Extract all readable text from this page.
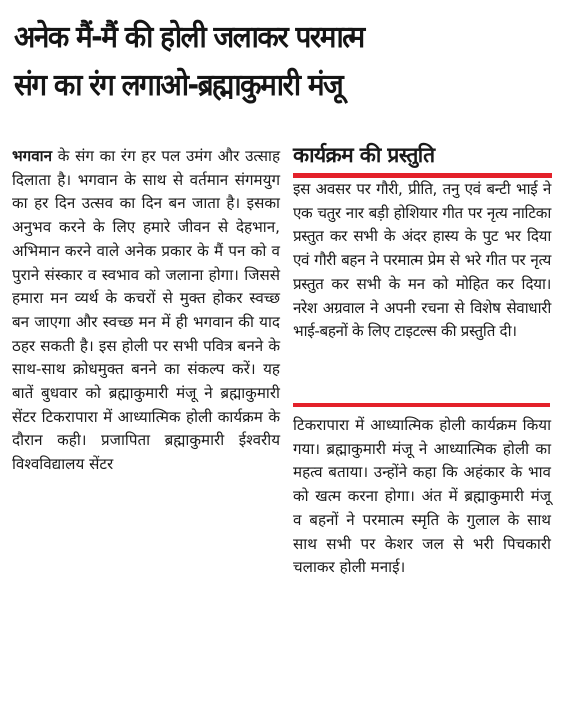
अनेक मैं-मैं की होली जलाकर परमात्म
संग का रंग लगाओ-ब्रह्माकुमारी मंजू

भगवान के संग का रंग हर पल उमंग और उत्साह दिलाता है। भगवान के साथ से वर्तमान संगमयुग का हर दिन उत्सव का दिन बन जाता है। इसका अनुभव करने के लिए हमारे जीवन से देहभान, अभिमान करने वाले अनेक प्रकार के मैं पन को व पुराने संस्कार व स्वभाव को जलाना होगा। जिससे हमारा मन व्यर्थ के कचरों से मुक्त होकर स्वच्छ बन जाएगा और स्वच्छ मन में ही भगवान की याद ठहर सकती है। इस होली पर सभी पवित्र बनने के साथ-साथ क्रोधमुक्त बनने का संकल्प करें। यह बातें बुधवार को ब्रह्माकुमारी मंजू ने ब्रह्माकुमारी सेंटर टिकरापारा में आध्यात्मिक होली कार्यक्रम के दौरान कही। प्रजापिता ब्रह्माकुमारी ईश्वरीय विश्वविद्यालय सेंटर

कार्यक्रम की प्रस्तुति

इस अवसर पर गौरी, प्रीति, तनु एवं बन्टी भाई ने एक चतुर नार बड़ी होशियार गीत पर नृत्य नाटिका प्रस्तुत कर सभी के अंदर हास्य के पुट भर दिया एवं गौरी बहन ने परमात्म प्रेम से भरे गीत पर नृत्य प्रस्तुत कर सभी के मन को मोहित कर दिया। नरेश अग्रवाल ने अपनी रचना से विशेष सेवाधारी भाई-बहनों के लिए टाइटल्स की प्रस्तुति दी।

टिकरापारा में आध्यात्मिक होली कार्यक्रम किया गया। ब्रह्माकुमारी मंजू ने आध्यात्मिक होली का महत्व बताया। उन्होंने कहा कि अहंकार के भाव को खत्म करना होगा। अंत में ब्रह्माकुमारी मंजू व बहनों ने परमात्म स्मृति के गुलाल के साथ साथ सभी पर केशर जल से भरी पिचकारी चलाकर होली मनाई।
